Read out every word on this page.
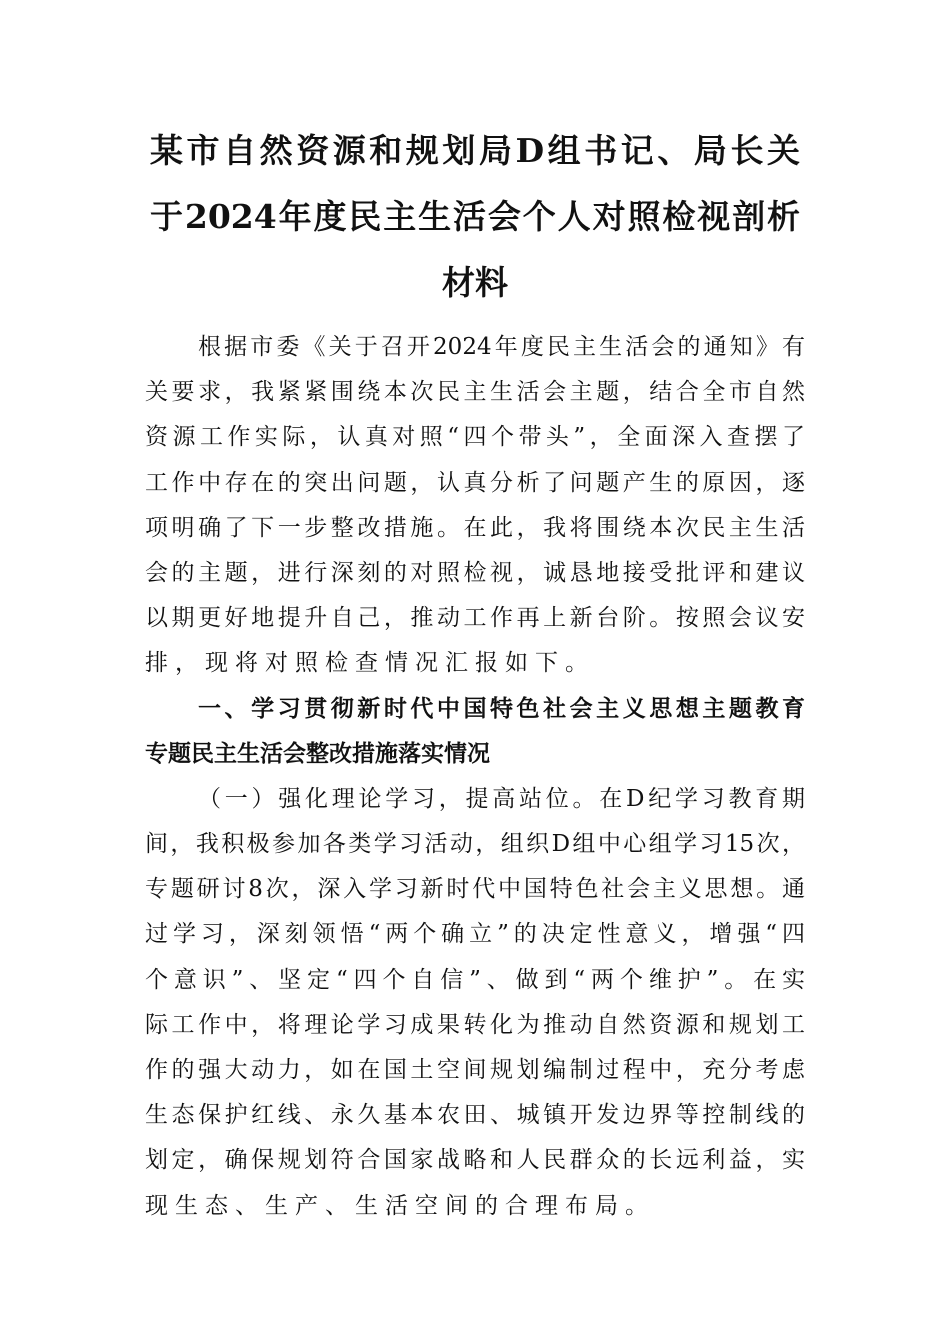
某市自然资源和规划局D组书记、局长关
于2024年度民主生活会个人对照检视剖析
材料
根据市委《关于召开2024年度民主生活会的通知》有
关要求，我紧紧围绕本次民主生活会主题，结合全市自然
资源工作实际，认真对照“四个带头”，全面深入查摆了
工作中存在的突出问题，认真分析了问题产生的原因，逐
项明确了下一步整改措施。在此，我将围绕本次民主生活
会的主题，进行深刻的对照检视，诚恳地接受批评和建议
以期更好地提升自己，推动工作再上新台阶。按照会议安
排，现将对照检查情况汇报如下。
一、学习贯彻新时代中国特色社会主义思想主题教育
专题民主生活会整改措施落实情况
（一）强化理论学习，提高站位。在D纪学习教育期
间，我积极参加各类学习活动，组织D组中心组学习15次，
专题研讨8次，深入学习新时代中国特色社会主义思想。通
过学习，深刻领悟“两个确立”的决定性意义，增强“四
个意识”、坚定“四个自信”、做到“两个维护”。在实
际工作中，将理论学习成果转化为推动自然资源和规划工
作的强大动力，如在国土空间规划编制过程中，充分考虑
生态保护红线、永久基本农田、城镇开发边界等控制线的
划定，确保规划符合国家战略和人民群众的长远利益，实
现生态、生产、生活空间的合理布局。
